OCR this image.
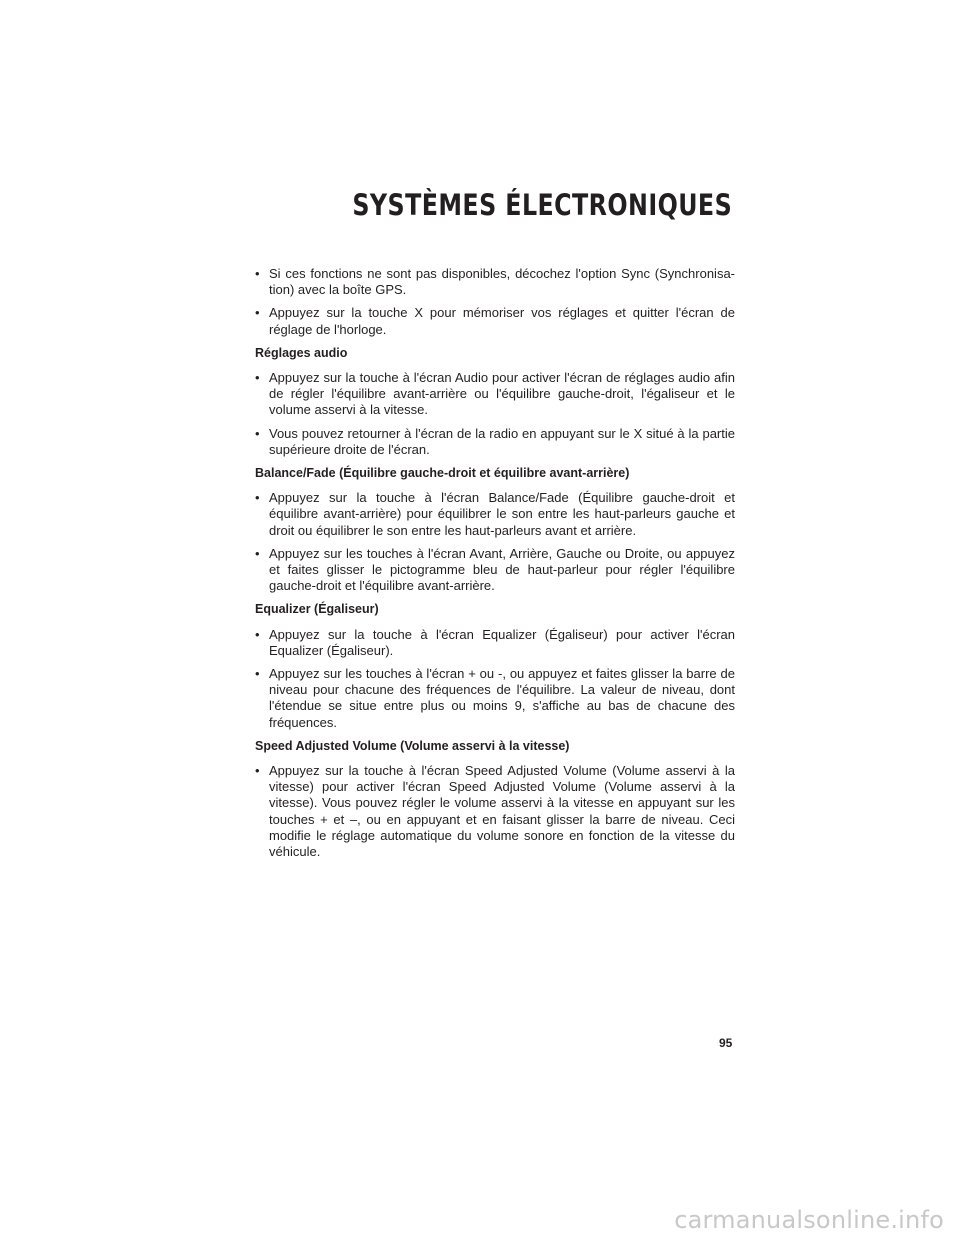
SYSTÈMES ÉLECTRONIQUES

• Si ces fonctions ne sont pas disponibles, décochez l'option Sync (Synchronisa-tion) avec la boîte GPS.

• Appuyez sur la touche X pour mémoriser vos réglages et quitter l'écran de réglage de l'horloge.

Réglages audio

• Appuyez sur la touche à l'écran Audio pour activer l'écran de réglages audio afin de régler l'équilibre avant-arrière ou l'équilibre gauche-droit, l'égaliseur et le volume asservi à la vitesse.

• Vous pouvez retourner à l'écran de la radio en appuyant sur le X situé à la partie supérieure droite de l'écran.

Balance/Fade (Équilibre gauche-droit et équilibre avant-arrière)

• Appuyez sur la touche à l'écran Balance/Fade (Équilibre gauche-droit et équilibre avant-arrière) pour équilibrer le son entre les haut-parleurs gauche et droit ou équilibrer le son entre les haut-parleurs avant et arrière.

• Appuyez sur les touches à l'écran Avant, Arrière, Gauche ou Droite, ou appuyez et faites glisser le pictogramme bleu de haut-parleur pour régler l'équilibre gauche-droit et l'équilibre avant-arrière.

Equalizer (Égaliseur)

• Appuyez sur la touche à l'écran Equalizer (Égaliseur) pour activer l'écran Equalizer (Égaliseur).

• Appuyez sur les touches à l'écran + ou -, ou appuyez et faites glisser la barre de niveau pour chacune des fréquences de l'équilibre. La valeur de niveau, dont l'étendue se situe entre plus ou moins 9, s'affiche au bas de chacune des fréquences.

Speed Adjusted Volume (Volume asservi à la vitesse)

• Appuyez sur la touche à l'écran Speed Adjusted Volume (Volume asservi à la vitesse) pour activer l'écran Speed Adjusted Volume (Volume asservi à la vitesse). Vous pouvez régler le volume asservi à la vitesse en appuyant sur les touches + et –, ou en appuyant et en faisant glisser la barre de niveau. Ceci modifie le réglage automatique du volume sonore en fonction de la vitesse du véhicule.

95

carmanualsonline.info
